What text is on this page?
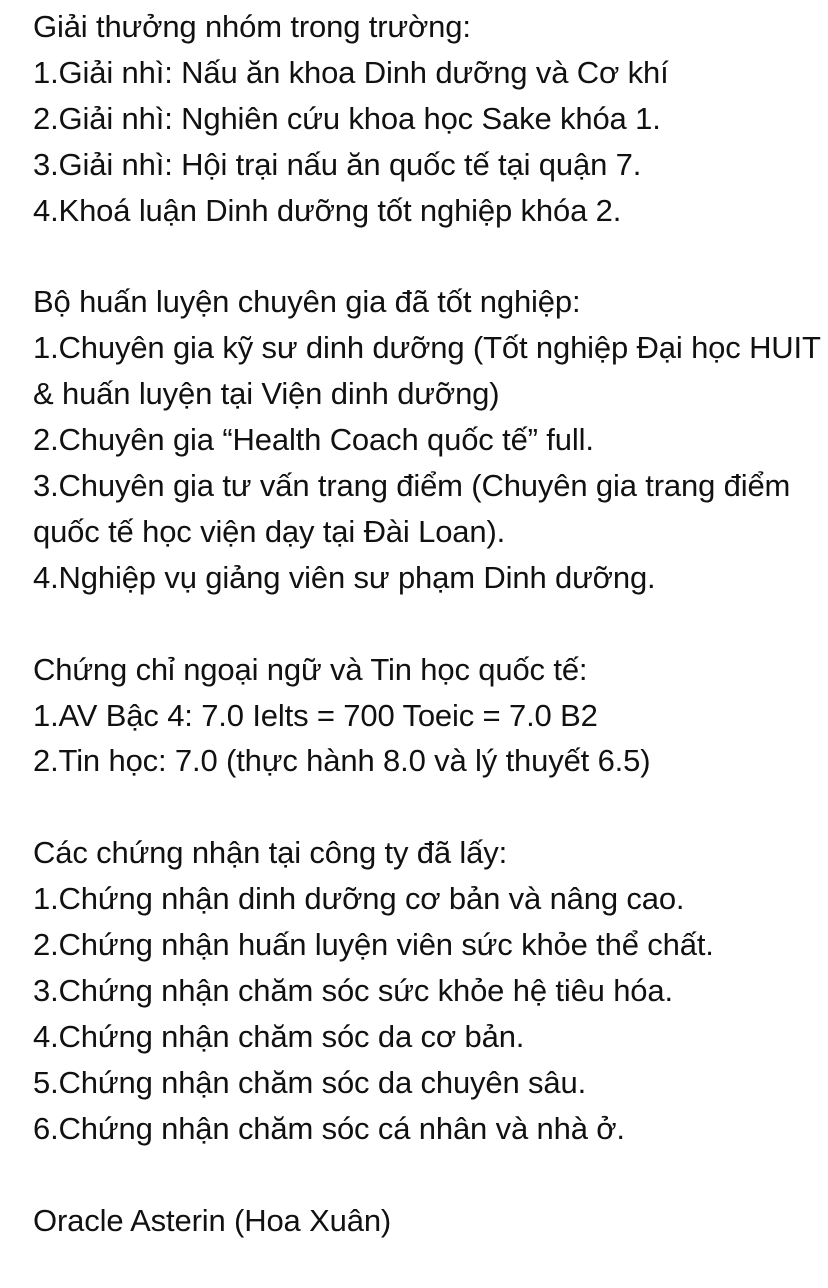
Giải thưởng nhóm trong trường:
1.Giải nhì: Nấu ăn khoa Dinh dưỡng và Cơ khí
2.Giải nhì: Nghiên cứu khoa học Sake khóa 1.
3.Giải nhì: Hội trại nấu ăn quốc tế tại quận 7.
4.Khoá luận Dinh dưỡng tốt nghiệp khóa 2.
Bộ huấn luyện chuyên gia đã tốt nghiệp:
1.Chuyên gia kỹ sư dinh dưỡng (Tốt nghiệp Đại học HUIT & huấn luyện tại Viện dinh dưỡng)
2.Chuyên gia “Health Coach quốc tế” full.
3.Chuyên gia tư vấn trang điểm (Chuyên gia trang điểm quốc tế học viện dạy tại Đài Loan).
4.Nghiệp vụ giảng viên sư phạm Dinh dưỡng.
Chứng chỉ ngoại ngữ và Tin học quốc tế:
1.AV Bậc 4: 7.0 Ielts = 700 Toeic = 7.0 B2
2.Tin học: 7.0 (thực hành 8.0 và lý thuyết 6.5)
Các chứng nhận tại công ty đã lấy:
1.Chứng nhận dinh dưỡng cơ bản và nâng cao.
2.Chứng nhận huấn luyện viên sức khỏe thể chất.
3.Chứng nhận chăm sóc sức khỏe hệ tiêu hóa.
4.Chứng nhận chăm sóc da cơ bản.
5.Chứng nhận chăm sóc da chuyên sâu.
6.Chứng nhận chăm sóc cá nhân và nhà ở.
Oracle Asterin (Hoa Xuân)
